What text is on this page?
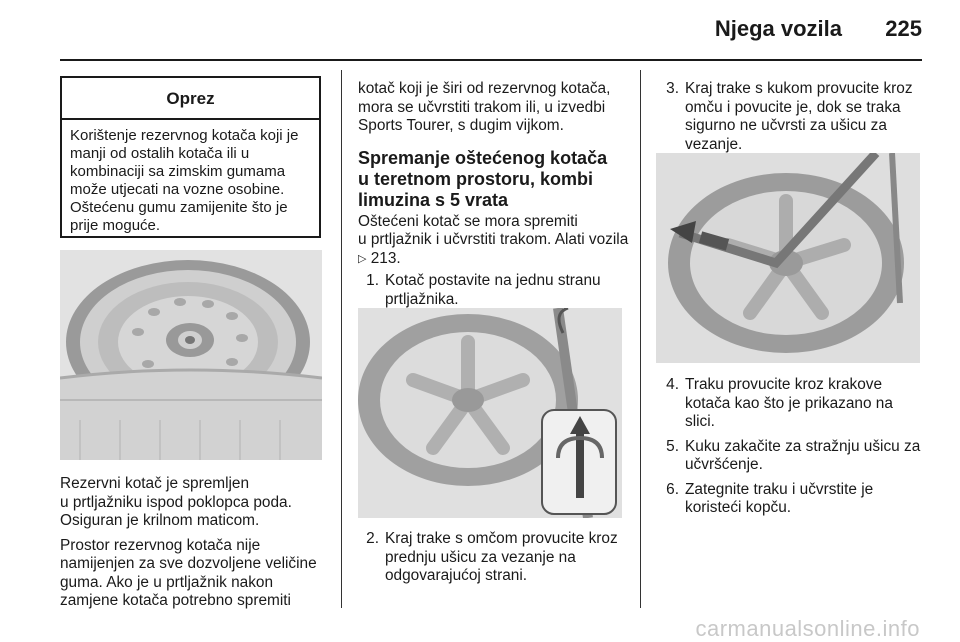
Njega vozila 225
Oprez
Korištenje rezervnog kotača koji je manji od ostalih kotača ili u kombinaciji sa zimskim gumama može utjecati na vozne osobine. Oštećenu gumu zamijenite što je prije moguće.

Rezervni kotač je spremljen
u prtljažniku ispod poklopca poda. Osiguran je krilnom maticom.

Prostor rezervnog kotača nije namijenjen za sve dozvoljene veličine guma. Ako je u prtljažnik nakon zamjene kotača potrebno spremiti

kotač koji je širi od rezervnog kotača, mora se učvrstiti trakom ili, u izvedbi Sports Tourer, s dugim vijkom.

Spremanje oštećenog kotača
u teretnom prostoru, kombi limuzina s 5 vrata

Oštećeni kotač se mora spremiti
u prtljažnik i učvrstiti trakom. Alati vozila ▷ 213.

1. Kotač postavite na jednu stranu prtljažnika.
2. Kraj trake s omčom provucite kroz prednju ušicu za vezanje na odgovarajućoj strani.
3. Kraj trake s kukom provucite kroz omču i povucite je, dok se traka sigurno ne učvrsti za ušicu za vezanje.
4. Traku provucite kroz krakove kotača kao što je prikazano na slici.
5. Kuku zakačite za stražnju ušicu za učvršćenje.
6. Zategnite traku i učvrstite je koristeći kopču.
carmanualsonline.info
